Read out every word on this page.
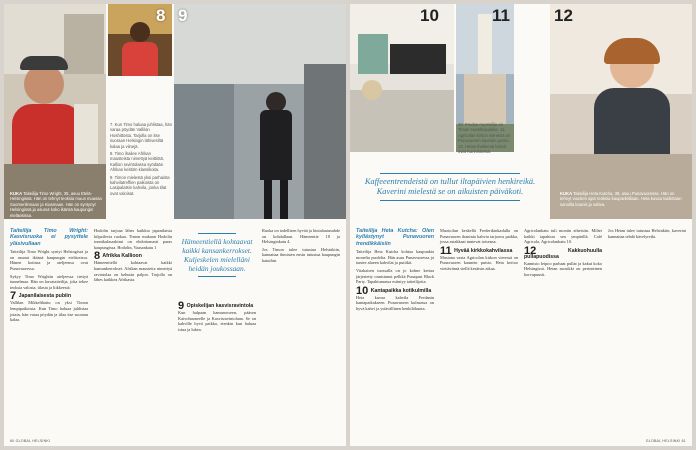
KUKA Taiteilija Timo Wright, 35, asuu Etelä-Helsingissä. Hän on tehnyt teoksia muun muassa Suomenlinnaan ja Kiasmaan. Hän on syntynyt Helsingissä ja asunut koko ikänsä kaupungin eteläosissa.
8
7. Kun Timo haluaa juhlistaa, hän varaa pöydän Vallilan Hoshittosta. Tarjolla on itse suoraan Helsingin lähivesiltä kalaa ja viinejä.
8. Timo ihailee Afrikan mausteista nimettyä keittiötä. Kallion ravintolassa syödään Afrikan keittiön klassikoita.
9. Timon mielestä yksi parhaista kahvilatreffien paikoista on Lasipalatsin kahvila, jonka tilat ovat valoisat.
9
Taiteilija Timo Wright: Kasvisruoka ei pysyttele yläsivullaan

Taiteilija Timo Wright syntyi Helsingissä ja on asunut ikänsä kaupungin eteläosissa. Hänen kotinsa ja ateljeensa ovat Punavuoressa.

Sykyy Timo Wrightin ateljeessa tiettyä tunnelmaa. Hän on kuvataiteilija, joka tekee teoksia valosta, tilasta ja liikkeestä.

7 Japanilaisesta pubiin

Vallilan Mikkelihattu on yksi Timon lempipaikoista. Kun Timo haluaa juhlistaa jotain, hän varaa pöydän ja tilaa itse suoraan kalaa.

Hodolin tarjoaa lähes kaikkia japanilaisia kilpailevia ruokaa. Timon mukaan Hodolin tonnikalasashimi on ehdottomasti paras kaupungissa. Hodolin, Vaasankatu 1

8 Afrikka Kallioon

Hämeentiellä kohtaavat kaikki kansankerrokset. Afrikan mausteita nimettyä ravintolaa on kehuttu paljon. Tarjolla on lähes kaikkea Afrikasta.

Hämeentiellä kohtaavat kaikki kansankerrokset. Kuljeskelen mielelläni heidän joukossaan.
9 Opiskelijan kasvisravintola

Kun halpaan hamarooseen, pääsen Kaivohuoneelle ja Kasvisravintolaan. Se on kahville hyvä paikka, etenkin kun haluaa istua ja lukea.

Ruoka on todellisen hyvää ja hintalaatusuhde on kohdallaan. Hämeentie 18 ja Helsinginkatu 4.

Jos Timon tulee tutustua Helsinkiin, kannattaa ihmisten ensin tutustua kaupungin katuihin.

60 GLOBAL HELSINKI
10	11
10. Fredan muotoilija on Timon suosikkipaikka. 11. Agricolan kirkon vieressä on Punavuoren kaunein puisto. 12. Hetan ihailemat kahvit ovat Kannistossa.
12
KUKA Taiteilija Heta Kutcha, 38, asuu Punavuoressa. Hän on tehnyt vuosien ajan teoksia kaupunkitilaan. Heta kuvaa taidettaan sanoilla kaunis ja vahva.
Kaffeeentrendeistä on tullut iltapäivien henkireikä. Kaverini mielestä se on aikuisten päiväkoti.
Taiteilija Heta Kutcha: Olen kyllästynyt Punavuoren trendikkäisiin

Taiteilija Heta Kutcha kohtaa kaupunkia monelta puolelta. Hän asuu Punavuoressa ja tuntee alueen kahvilat ja putiikit.

Viiakaisen tuossalla on jo kolme kertaa järjestetty onnistunut pelkkä Punapuri Black Party. Tapahtumassa esiintyy taiteilijoita.

10 Kantapaikka kotikulmilla

Heta kuvaa kahvila Fredanin kantapaikakseen. Punavuoren kulmassa on hyvä kahvi ja ystävällinen henkilökunta.

Muotoilun keskellä Frederikinkadulla on Punavuoren ihaninta kahvia tarjoava paikka, jossa asiakkaat tuntevat toisensa.

11 Hyvää kirkkokahvilassa

Mustana vasta Agricolan kirkon vieressä on Punavuoren kaunein puisto. Heta kertoo viettävänsä siellä kesäisin aikaa.

Agricolankatu tuli moniin aiheisiin. Miltei kaikki tapahtuu sen ympärillä. Café Agricola, Agricolankatu 10.

12	Kakkuohuulla pullapuodissa

Kannisto leipoo parhaat pullat ja kakut koko Helsingissä. Hetan suosikki on perinteinen korvapuusti.

Jos Hetan tulee tutustua Helsinkiin, kaverini kannattaa tehdä kävelyretki.

GLOBAL HELSINKI 61
